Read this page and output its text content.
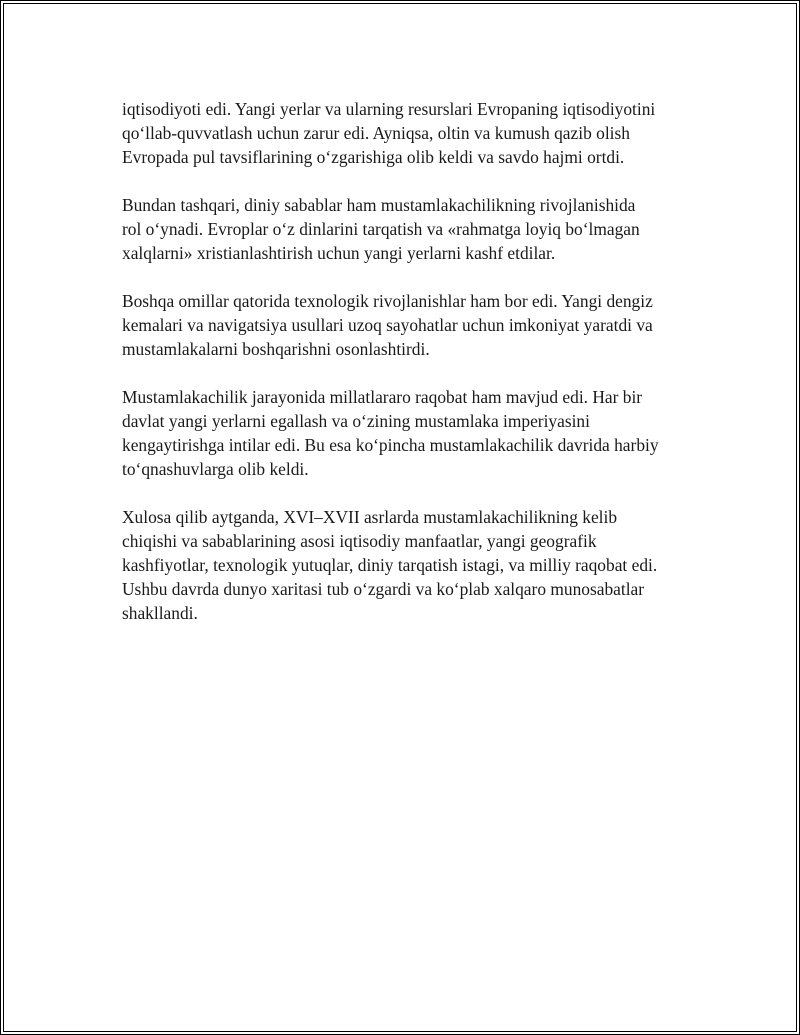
iqtisodiyoti edi. Yangi yerlar va ularning resurslari Evropaning iqtisodiyotini
qo‘llab-quvvatlash uchun zarur edi. Ayniqsa, oltin va kumush qazib olish
Evropada pul tavsiflarining o‘zgarishiga olib keldi va savdo hajmi ortdi.

Bundan tashqari, diniy sabablar ham mustamlakachilikning rivojlanishida
rol o‘ynadi. Evroplar o‘z dinlarini tarqatish va «rahmatga loyiq bo‘lmagan
xalqlarni» xristianlashtirish uchun yangi yerlarni kashf etdilar.

Boshqa omillar qatorida texnologik rivojlanishlar ham bor edi. Yangi dengiz
kemalari va navigatsiya usullari uzoq sayohatlar uchun imkoniyat yaratdi va
mustamlakalarni boshqarishni osonlashtirdi.

Mustamlakachilik jarayonida millatlararo raqobat ham mavjud edi. Har bir
davlat yangi yerlarni egallash va o‘zining mustamlaka imperiyasini
kengaytirishga intilar edi. Bu esa ko‘pincha mustamlakachilik davrida harbiy
to‘qnashuvlarga olib keldi.

Xulosa qilib aytganda, XVI–XVII asrlarda mustamlakachilikning kelib
chiqishi va sabablarining asosi iqtisodiy manfaatlar, yangi geografik
kashfiyotlar, texnologik yutuqlar, diniy tarqatish istagi, va milliy raqobat edi.
Ushbu davrda dunyo xaritasi tub o‘zgardi va ko‘plab xalqaro munosabatlar
shakllandi.
